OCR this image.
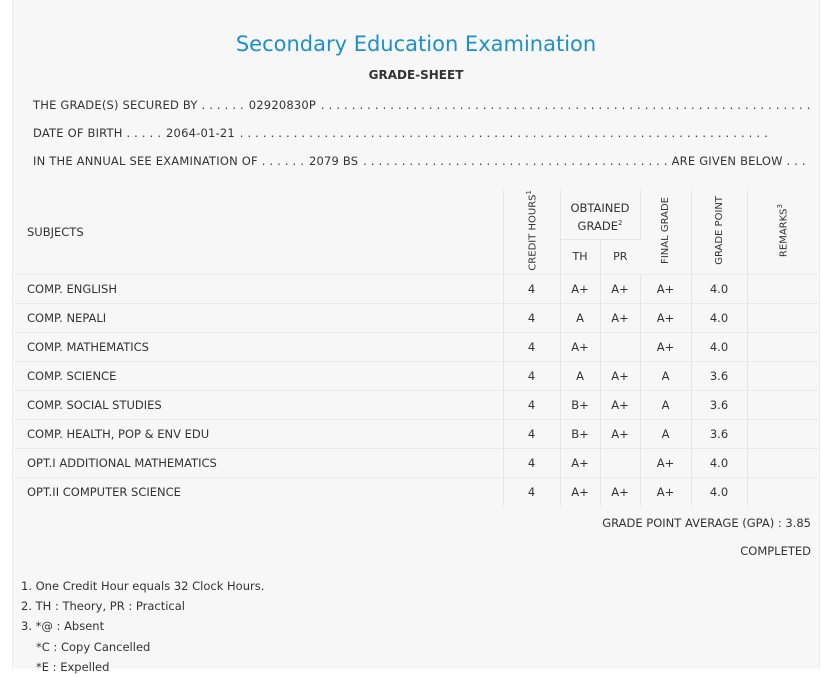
Secondary Education Examination
GRADE-SHEET
THE GRADE(S) SECURED BY . . . . . . 02920830P . . . . . . . . . . . . . . . . . . . . . . . . . . . . . . . . . . . . . . . . . . . . . . . . . . . . . . . . . . . . . . . .
DATE OF BIRTH . . . . . 2064-01-21 . . . . . . . . . . . . . . . . . . . . . . . . . . . . . . . . . . . . . . . . . . . . . . . . . . . . . . . . . . . . . . . . . . . . .
IN THE ANNUAL SEE EXAMINATION OF . . . . . . 2079 BS . . . . . . . . . . . . . . . . . . . . . . . . . . . . . . . . . . . . . . . . ARE GIVEN BELOW . . .
SUBJECTS	CREDIT HOURS$^1$	OBTAINED GRADE$^2$		FINAL GRADE	GRADE POINT	REMARKS$^3$
		TH	PR			
COMP. ENGLISH	4	A+	A+	A+	4.0	
COMP. NEPALI	4	A	A+	A+	4.0	
COMP. MATHEMATICS	4	A+		A+	4.0	
COMP. SCIENCE	4	A	A+	A	3.6	
COMP. SOCIAL STUDIES	4	B+	A+	A	3.6	
COMP. HEALTH, POP & ENV EDU	4	B+	A+	A	3.6	
OPT.I ADDITIONAL MATHEMATICS	4	A+		A+	4.0	
OPT.II COMPUTER SCIENCE	4	A+	A+	A+	4.0	
GRADE POINT AVERAGE (GPA) : 3.85
COMPLETED
1. One Credit Hour equals 32 Clock Hours.
2. TH : Theory, PR : Practical
3. *@ : Absent
*C : Copy Cancelled
*E : Expelled
